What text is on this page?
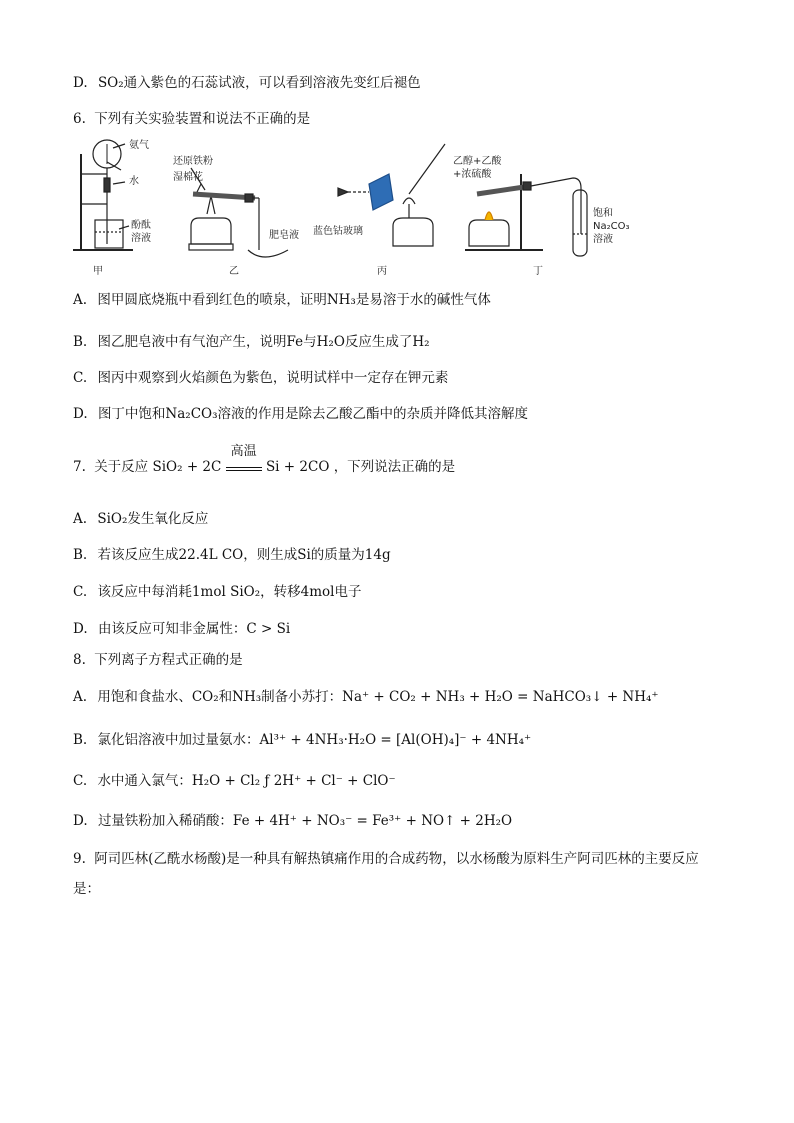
D. SO₂通入紫色的石蕊试液，可以看到溶液先变红后褪色
6. 下列有关实验装置和说法不正确的是
氨气
水
酚酞
溶液
甲
还原铁粉
湿棉花
肥皂液
乙
蓝色钴玻璃
丙
乙醇+乙酸
+浓硫酸
饱和
Na₂CO₃
溶液
丁
A. 图甲圆底烧瓶中看到红色的喷泉，证明NH₃是易溶于水的碱性气体
B. 图乙肥皂液中有气泡产生，说明Fe与H₂O反应生成了H₂
C. 图丙中观察到火焰颜色为紫色，说明试样中一定存在钾元素
D. 图丁中饱和Na₂CO₃溶液的作用是除去乙酸乙酯中的杂质并降低其溶解度
7. 关于反应 SiO₂ + 2C
高温
Si + 2CO ，下列说法正确的是
A. SiO₂发生氧化反应
B. 若该反应生成22.4L CO，则生成Si的质量为14g
C. 该反应中每消耗1mol SiO₂，转移4mol电子
D. 由该反应可知非金属性：C > Si
8. 下列离子方程式正确的是
A. 用饱和食盐水、CO₂和NH₃制备小苏打：Na⁺ + CO₂ + NH₃ + H₂O = NaHCO₃↓ + NH₄⁺
B. 氯化铝溶液中加过量氨水：Al³⁺ + 4NH₃·H₂O = [Al(OH)₄]⁻ + 4NH₄⁺
C. 水中通入氯气：H₂O + Cl₂ ƒ 2H⁺ + Cl⁻ + ClO⁻
D. 过量铁粉加入稀硝酸：Fe + 4H⁺ + NO₃⁻ = Fe³⁺ + NO↑ + 2H₂O
9. 阿司匹林(乙酰水杨酸)是一种具有解热镇痛作用的合成药物，以水杨酸为原料生产阿司匹林的主要反应
是：
